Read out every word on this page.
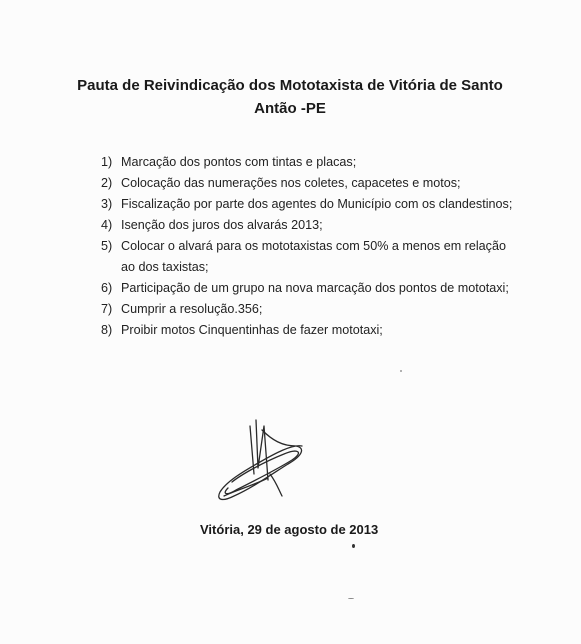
Pauta de Reivindicação dos Mototaxista de Vitória de Santo
Antão -PE
1) Marcação dos pontos com tintas e placas;
2) Colocação das numerações nos coletes, capacetes e motos;
3) Fiscalização por parte dos agentes do Município com os clandestinos;
4) Isenção dos juros dos alvarás 2013;
5) Colocar o alvará para os mototaxistas com 50% a menos em relação ao dos taxistas;
6) Participação de um grupo na nova marcação dos pontos de mototaxi;
7) Cumprir a resolução.356;
8) Proibir motos Cinquentinhas de fazer mototaxi;
Vitória, 29 de agosto de 2013
